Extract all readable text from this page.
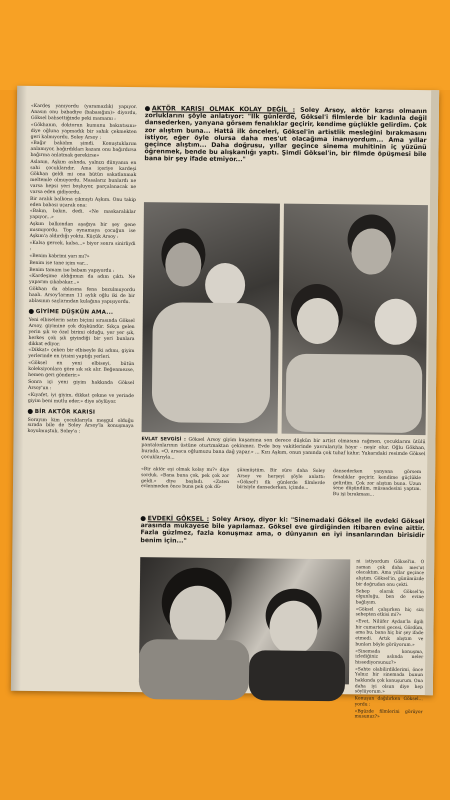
«Kardeş yanıyordu (yaramazlık) yapıyor. Anasın onu babadiye (babasığım)» diyordu, Göksel bahsettiğinde peki mamamı :

«Gökhanın, doktorun kumunu bakıntısını» diye oğluna yapmadık bir sahık çekmekten geri kalmıyordu. Soley Arsoy :

«Bağır bakalım şimdi. Konuştuklarım anlamıyor, bağırdıkları kazanı onu bağırdırsa bağırma anlatmak gerekirse»

Aslanın, Aşkım aslında, yalnızı dünyanın en sahi çocuklarıdır. Ama içeriye kardeşi Gökhan geldi mi ona bütün sakatlanmak meltemle olmuyordu. Masalarız bunlardı ne varsa hepsi yeri boşluyor, parçalanacak ne varsa eden gidiyordu.

Bir aralık balkona çıkmıştı Aşkım. Onu takip eden babasi uçarak ona:

«Bakın, bakın, dedi. «Ne maskaralıklar yapıyor...»

Aşkım balkondan aşağıya bir şey gene mısmıyordu. Top oynamaya çocuğun ise Aşkım'a aldırdığı yoktu. Küçük Arsoy :

«Kalsa gercek, kalsa...» biyor sonra sinirliydi :

«Benim kabrimi yarı mı?»

Benim ise tane içim var...

Benim tamam ise babam yapıyordu :

«Kardeşime aldığımızı da adım çıktı. Ne yaparım çıkabakar...»

Gökhan da ablasına fena bozulmuyordu haalı. Arsoy'larının 11 aylık oğlu iki de bir ablasının saçlarından kulağına yapışıyordu.

GİYİME DÜŞKÜN AMA...

Yeni elbiselerin satın biçimi sırasında Göksel Arsoy, giyimine çok düşkündür. Sıkça gelen yerin şık ve özel birimi olduğu, yer yer şık, herkes çok şık giyindiği bir yeri bunlara dikkat ediyor.

«Dikkat» çeken bir elbiseyle iki adımı, giyim yerlerinde en iyisini yaptığı yerleri.

«Göksel en yeni elbiseyi, bütün koleksiyonlara göre sık sık alır. Beğenmezse, hemen geri gönderir.»

Sonra içi yeni giyim hakkında Göksel Arsoy'un :

«Kıyafet, iyi giyim, dikkat çekme ve yerinde giyim beni mutlu eder.» diye söylüyor.

BİR AKTÖR KARISI

Sorayım kim çocuklarıyla meşgul olduğu sırada bile de Soley Arsoy'la konuşmaya koyulmuştuk. Soley'a :

AKTÖR KARISI OLMAK KOLAY DEĞİL : Soley Arsoy, aktör karısı olmanın zorluklarını şöyle anlatıyor: "İlk günlerde, Göksel'i filmlerde bir kadınla değil dansederken, yanyana görsem fenalıklar geçirir, kendime güçlükle gelirdim. Çok zor alıştım buna... Hattâ ilk önceleri, Göksel'in artistlik mesleğini bırakmasını istiyor, eğer öyle olursa daha mes'ut olacağıma inanıyordum... Ama yıllar geçince alıştım... Daha doğrusu, yıllar geçince sinema muhitinin iç yüzünü öğrenmek, bende bu alışkanlığı yaptı. Şimdi Göksel'in, bir filmde öpüşmesi bile bana bir şey ifade etmiyor..."

EVLAT SEVGİSİ : Göksel Arsoy giyim kuşamına son derece düşkün bir artist olmasına rağmen, çocuklarını ütülü pantalonlarının üstüne oturtmaktan çekinmez. Evde boş vakitlerinde yavrularıyla hayır - neşir olur. Oğlu Gökhan, burada, «O, arsaca oğlumuzu bana dağ yapar.» ... Kızı Aşkım, onun yanında çok tuhaf kahır. Yukarıdaki resimde Göksel çocuklarıyla...
«Bir aktör eşi olmak kolay mı?» diye sorduk. «Bana buna çok, pek çok zor geldi.» diye başladı. «Zaten evlenmeden önce buna pek çok dü-
şünmüştüm. Bir süre daha Soley Arsoy ve herşeyi şöyle anlattı: «Göksel'i ilk günlerde filmlerde birisiyle dansederken, içimde...
dansederken yanyana görsem fenalıklar geçirir, kendime güçlükle gelirdim. Çok zor alıştım buna. Uzun sene düşündüm, müsaadesini yaptım. Bu işi bırakması...
EVDEKİ GÖKSEL : Soley Arsoy, diyor ki: "Sinemadaki Göksel ile evdeki Göksel arasında mukayese bile yapılamaz. Göksel eve girdiğinden itibaren evine aittir. Fazla güzlmez, fazla konuşmaz ama, o dünyanın en iyi insanlarından birisidir benim için..."

ni istiyordum Göksel'in. O zaman çok daha mes'ut olacaktım. Ama yıllar geçince alıştım. Göksel'in, günümüzde bir doğrudan onu çekti.

Sebep olarak Göksel'in olgunluğu, ben de evine bağlıyım.

«Göksel çalışırken hiç sizi sebepten etkisi mi?»

«Evet, Nilüfer Aydan'la ilgili bir cumartesi gecesi, Gördüm, ama bu, bana hiç bir şey ifade etmedi. Artık alıştım ve bunları böyle görüyorum.»

«Sinemada konuşma, izlediğiniz aslında neler hissediyorsunuz?»

«Sahte olabilirdiklerimi, önce Yalnız bir sinemada bunun hakkında çok konuşurum. Ona daha iyi olsun diye hep söylüyorum.»

Konuşun dağılırken Göksel... yordu :

«Bgüzde filmlerini görüyor musunuz?»
